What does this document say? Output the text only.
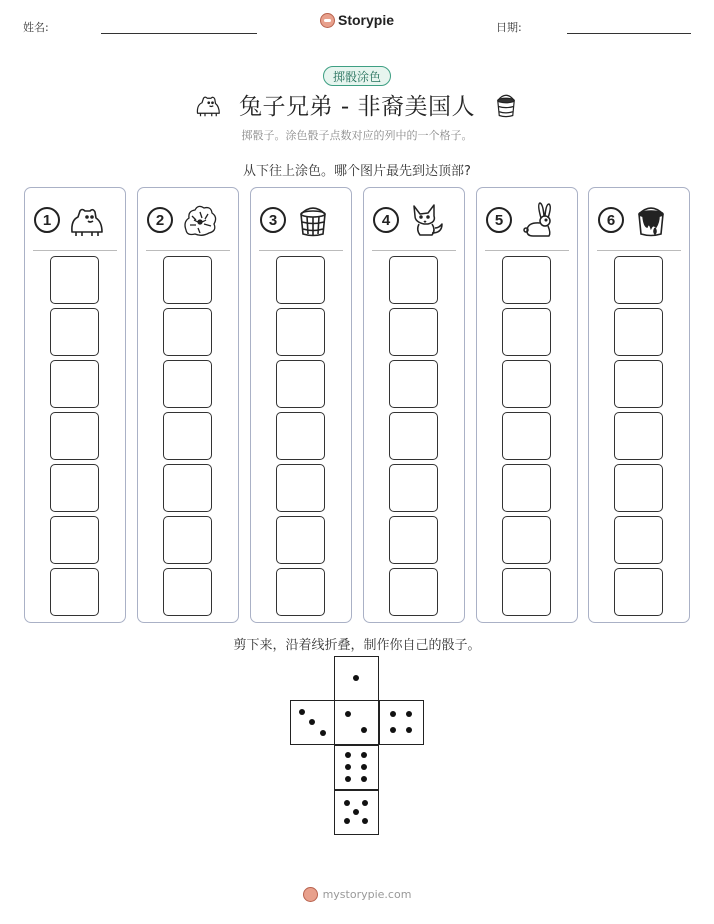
姓名:	Storypie	日期:
掷骰涂色
兔子兄弟 - 非裔美国人
掷骰子。涂色骰子点数对应的列中的一个格子。
从下往上涂色。哪个图片最先到达顶部?
1	2	3	4	5	6
剪下来，沿着线折叠，制作你自己的骰子。
mystorypie.com
